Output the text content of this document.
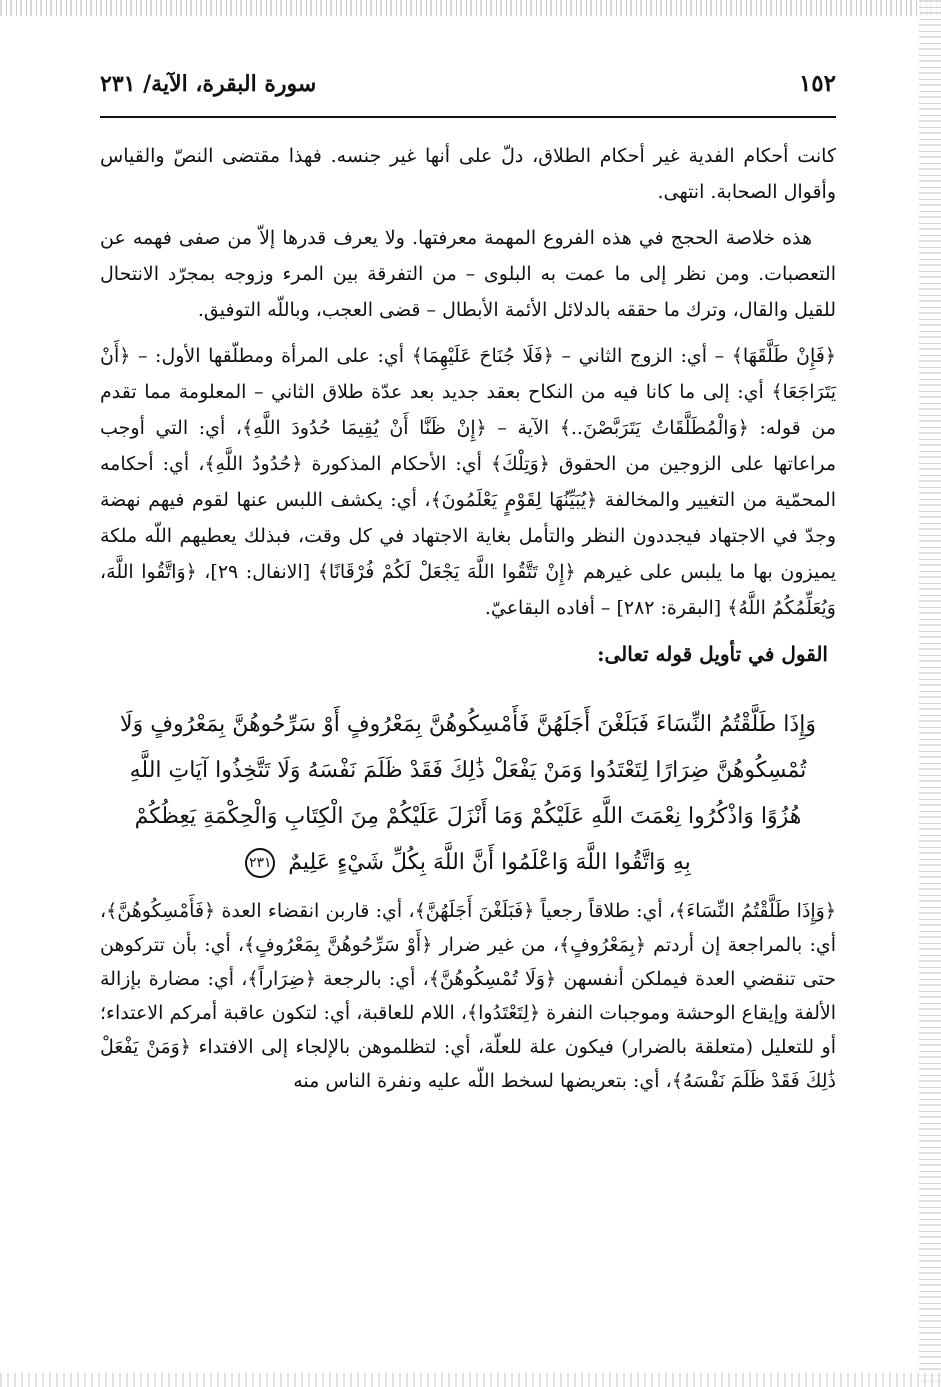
١٥٢
سورة البقرة، الآية/ ٢٣١

كانت أحكام الفدية غير أحكام الطلاق، دلّ على أنها غير جنسه. فهذا مقتضى النصّ والقياس وأقوال الصحابة. انتهى.

هذه خلاصة الحجج في هذه الفروع المهمة معرفتها. ولا يعرف قدرها إلاّ من صفى فهمه عن التعصبات. ومن نظر إلى ما عمت به البلوى – من التفرقة بين المرء وزوجه بمجرّد الانتحال للقيل والقال، وترك ما حققه بالدلائل الأئمة الأبطال – قضى العجب، وباللّه التوفيق.

﴿فَإِنْ طَلَّقَهَا﴾ – أي: الزوج الثاني – ﴿فَلَا جُنَاحَ عَلَيْهِمَا﴾ أي: على المرأة ومطلّقها الأول: – ﴿أَنْ يَتَرَاجَعَا﴾ أي: إلى ما كانا فيه من النكاح بعقد جديد بعد عدّة طلاق الثاني – المعلومة مما تقدم من قوله: ﴿وَالْمُطَلَّقَاتُ يَتَرَبَّصْنَ..﴾ الآية – ﴿إِنْ ظَنَّا أَنْ يُقِيمَا حُدُودَ اللَّهِ﴾، أي: التي أوجب مراعاتها على الزوجين من الحقوق ﴿وَتِلْكَ﴾ أي: الأحكام المذكورة ﴿حُدُودُ اللَّهِ﴾، أي: أحكامه المحمّية من التغيير والمخالفة ﴿يُبَيِّنُهَا لِقَوْمٍ يَعْلَمُونَ﴾، أي: يكشف اللبس عنها لقوم فيهم نهضة وجدّ في الاجتهاد فيجددون النظر والتأمل بغاية الاجتهاد في كل وقت، فبذلك يعطيهم اللّه ملكة يميزون بها ما يلبس على غيرهم ﴿إِنْ تَتَّقُوا اللَّهَ يَجْعَلْ لَكُمْ فُرْقَانًا﴾ [الانفال: ٢٩]، ﴿وَاتَّقُوا اللَّهَ، وَيُعَلِّمُكُمُ اللَّهُ﴾ [البقرة: ٢٨٢] – أفاده البقاعيّ.

القول في تأويل قوله تعالى:
وَإِذَا طَلَّقْتُمُ النِّسَاءَ فَبَلَغْنَ أَجَلَهُنَّ فَأَمْسِكُوهُنَّ بِمَعْرُوفٍ أَوْ سَرِّحُوهُنَّ بِمَعْرُوفٍ وَلَا
تُمْسِكُوهُنَّ ضِرَارًا لِتَعْتَدُوا وَمَنْ يَفْعَلْ ذَٰلِكَ فَقَدْ ظَلَمَ نَفْسَهُ وَلَا تَتَّخِذُوا آيَاتِ اللَّهِ
هُزُوًا وَاذْكُرُوا نِعْمَتَ اللَّهِ عَلَيْكُمْ وَمَا أَنْزَلَ عَلَيْكُمْ مِنَ الْكِتَابِ وَالْحِكْمَةِ يَعِظُكُمْ
بِهِ وَاتَّقُوا اللَّهَ وَاعْلَمُوا أَنَّ اللَّهَ بِكُلِّ شَيْءٍ عَلِيمٌ ٢٣١

﴿وَإِذَا طَلَّقْتُمُ النِّسَاءَ﴾، أي: طلاقاً رجعياً ﴿فَبَلَغْنَ أَجَلَهُنَّ﴾، أي: قاربن انقضاء العدة ﴿فَأَمْسِكُوهُنَّ﴾، أي: بالمراجعة إن أردتم ﴿بِمَعْرُوفٍ﴾، من غير ضرار ﴿أَوْ سَرِّحُوهُنَّ بِمَعْرُوفٍ﴾، أي: بأن تتركوهن حتى تنقضي العدة فيملكن أنفسهن ﴿وَلَا تُمْسِكُوهُنَّ﴾، أي: بالرجعة ﴿ضِرَاراً﴾، أي: مضارة بإزالة الألفة وإيقاع الوحشة وموجبات النفرة ﴿لِتَعْتَدُوا﴾، اللام للعاقبة، أي: لتكون عاقبة أمركم الاعتداء؛ أو للتعليل (متعلقة بالضرار) فيكون علة للعلّة، أي: لتظلموهن بالإلجاء إلى الافتداء ﴿وَمَنْ يَفْعَلْ ذَٰلِكَ فَقَدْ ظَلَمَ نَفْسَهُ﴾، أي: بتعريضها لسخط اللّه عليه ونفرة الناس منه
